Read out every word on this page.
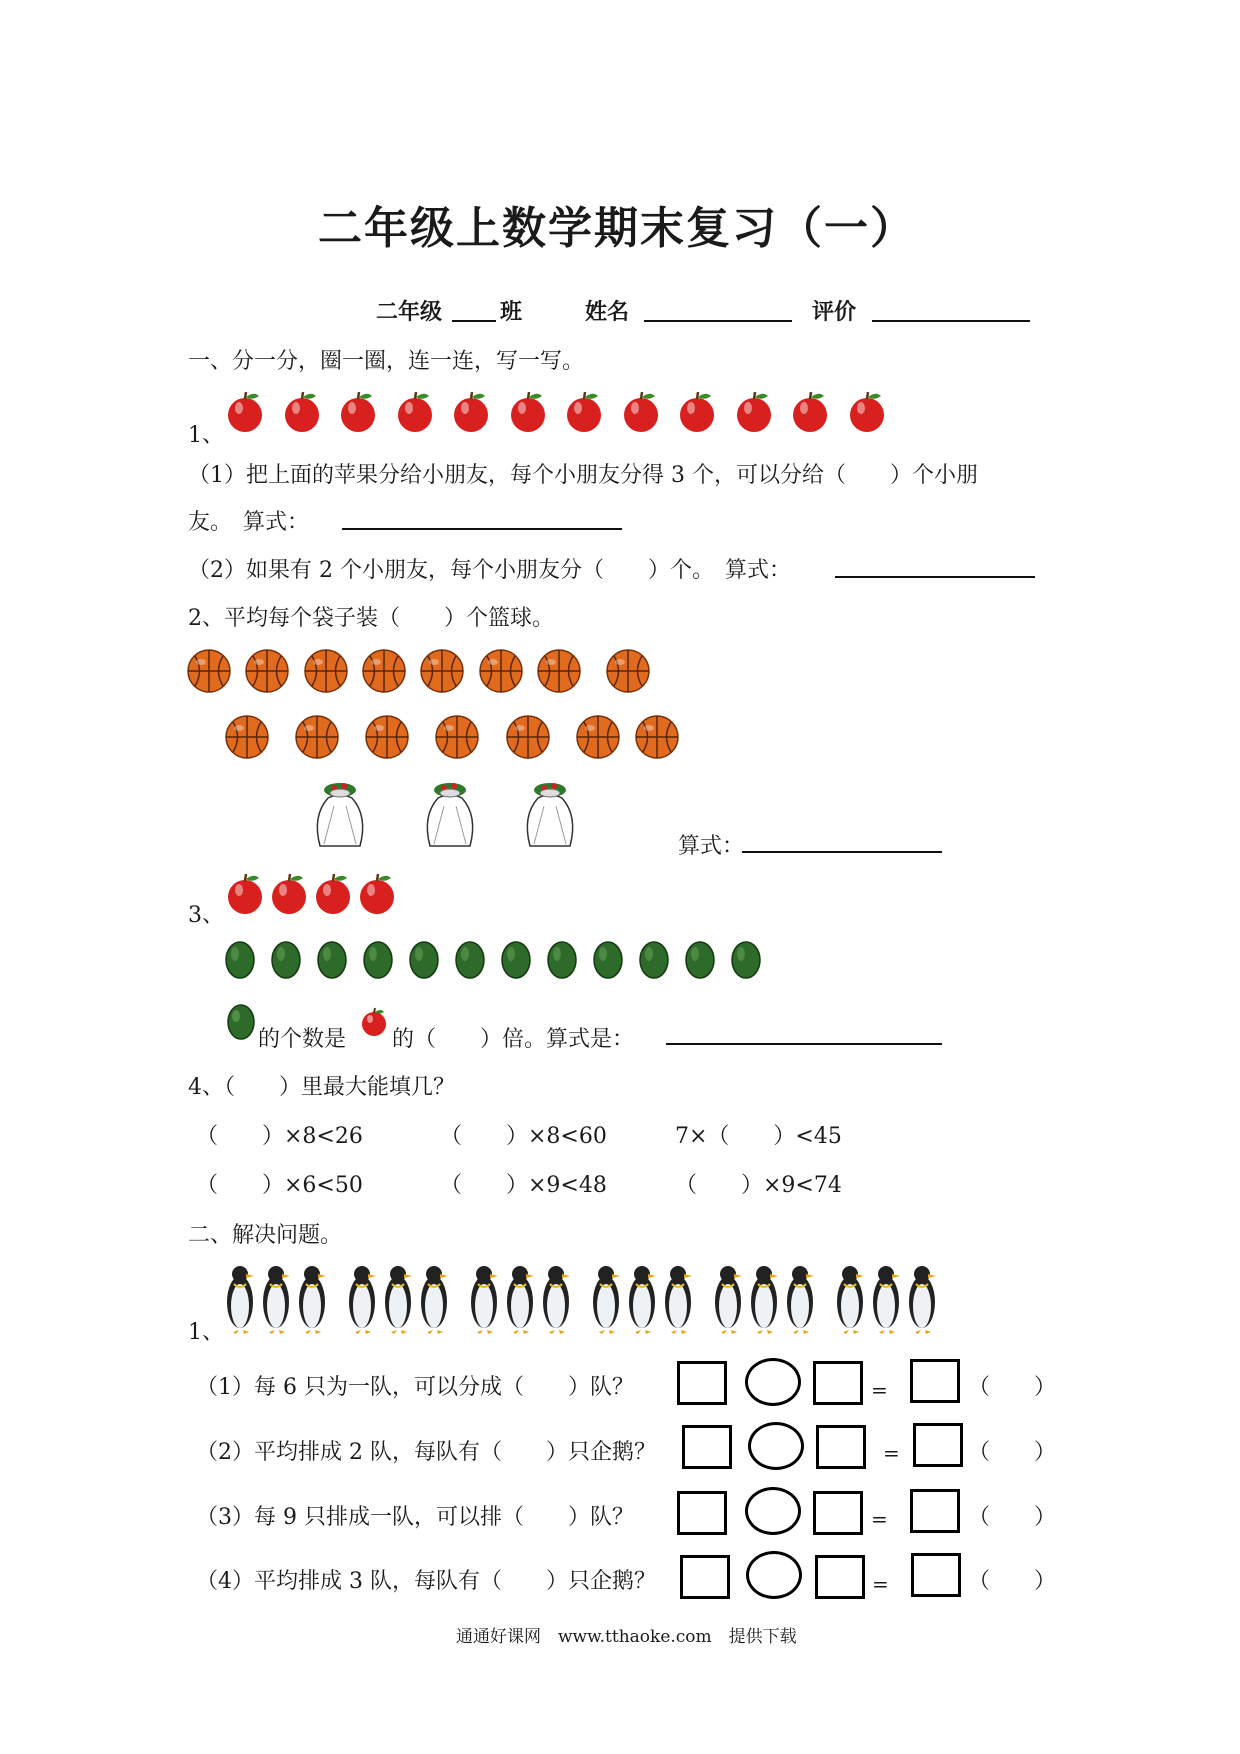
二年级上数学期末复习（一）
二年级	班	姓名	评价
一、分一分，圈一圈，连一连，写一写。
1、
（1）把上面的苹果分给小朋友，每个小朋友分得 3 个，可以分给（　　）个小朋
友。　算式：
（2）如果有 2 个小朋友，每个小朋友分（　　）个。　算式：
2、平均每个袋子装（　　）个篮球。
算式：
3、
的个数是 的（　　）倍。算式是：
4、（　　）里最大能填几？
（　　）×8<26	（　　）×8<60	7×（　　）<45
（　　）×6<50	（　　）×9<48	（　　）×9<74
二、解决问题。
1、
（1）每 6 只为一队，可以分成（　　）队？
（2）平均排成 2 队，每队有（　　）只企鹅？
（3）每 9 只排成一队，可以排（　　）队？
（4）平均排成 3 队，每队有（　　）只企鹅？
=	（　　）
=	（　　）
=	（　　）
=	（　　）
通通好课网　www.tthaoke.com　提供下载
